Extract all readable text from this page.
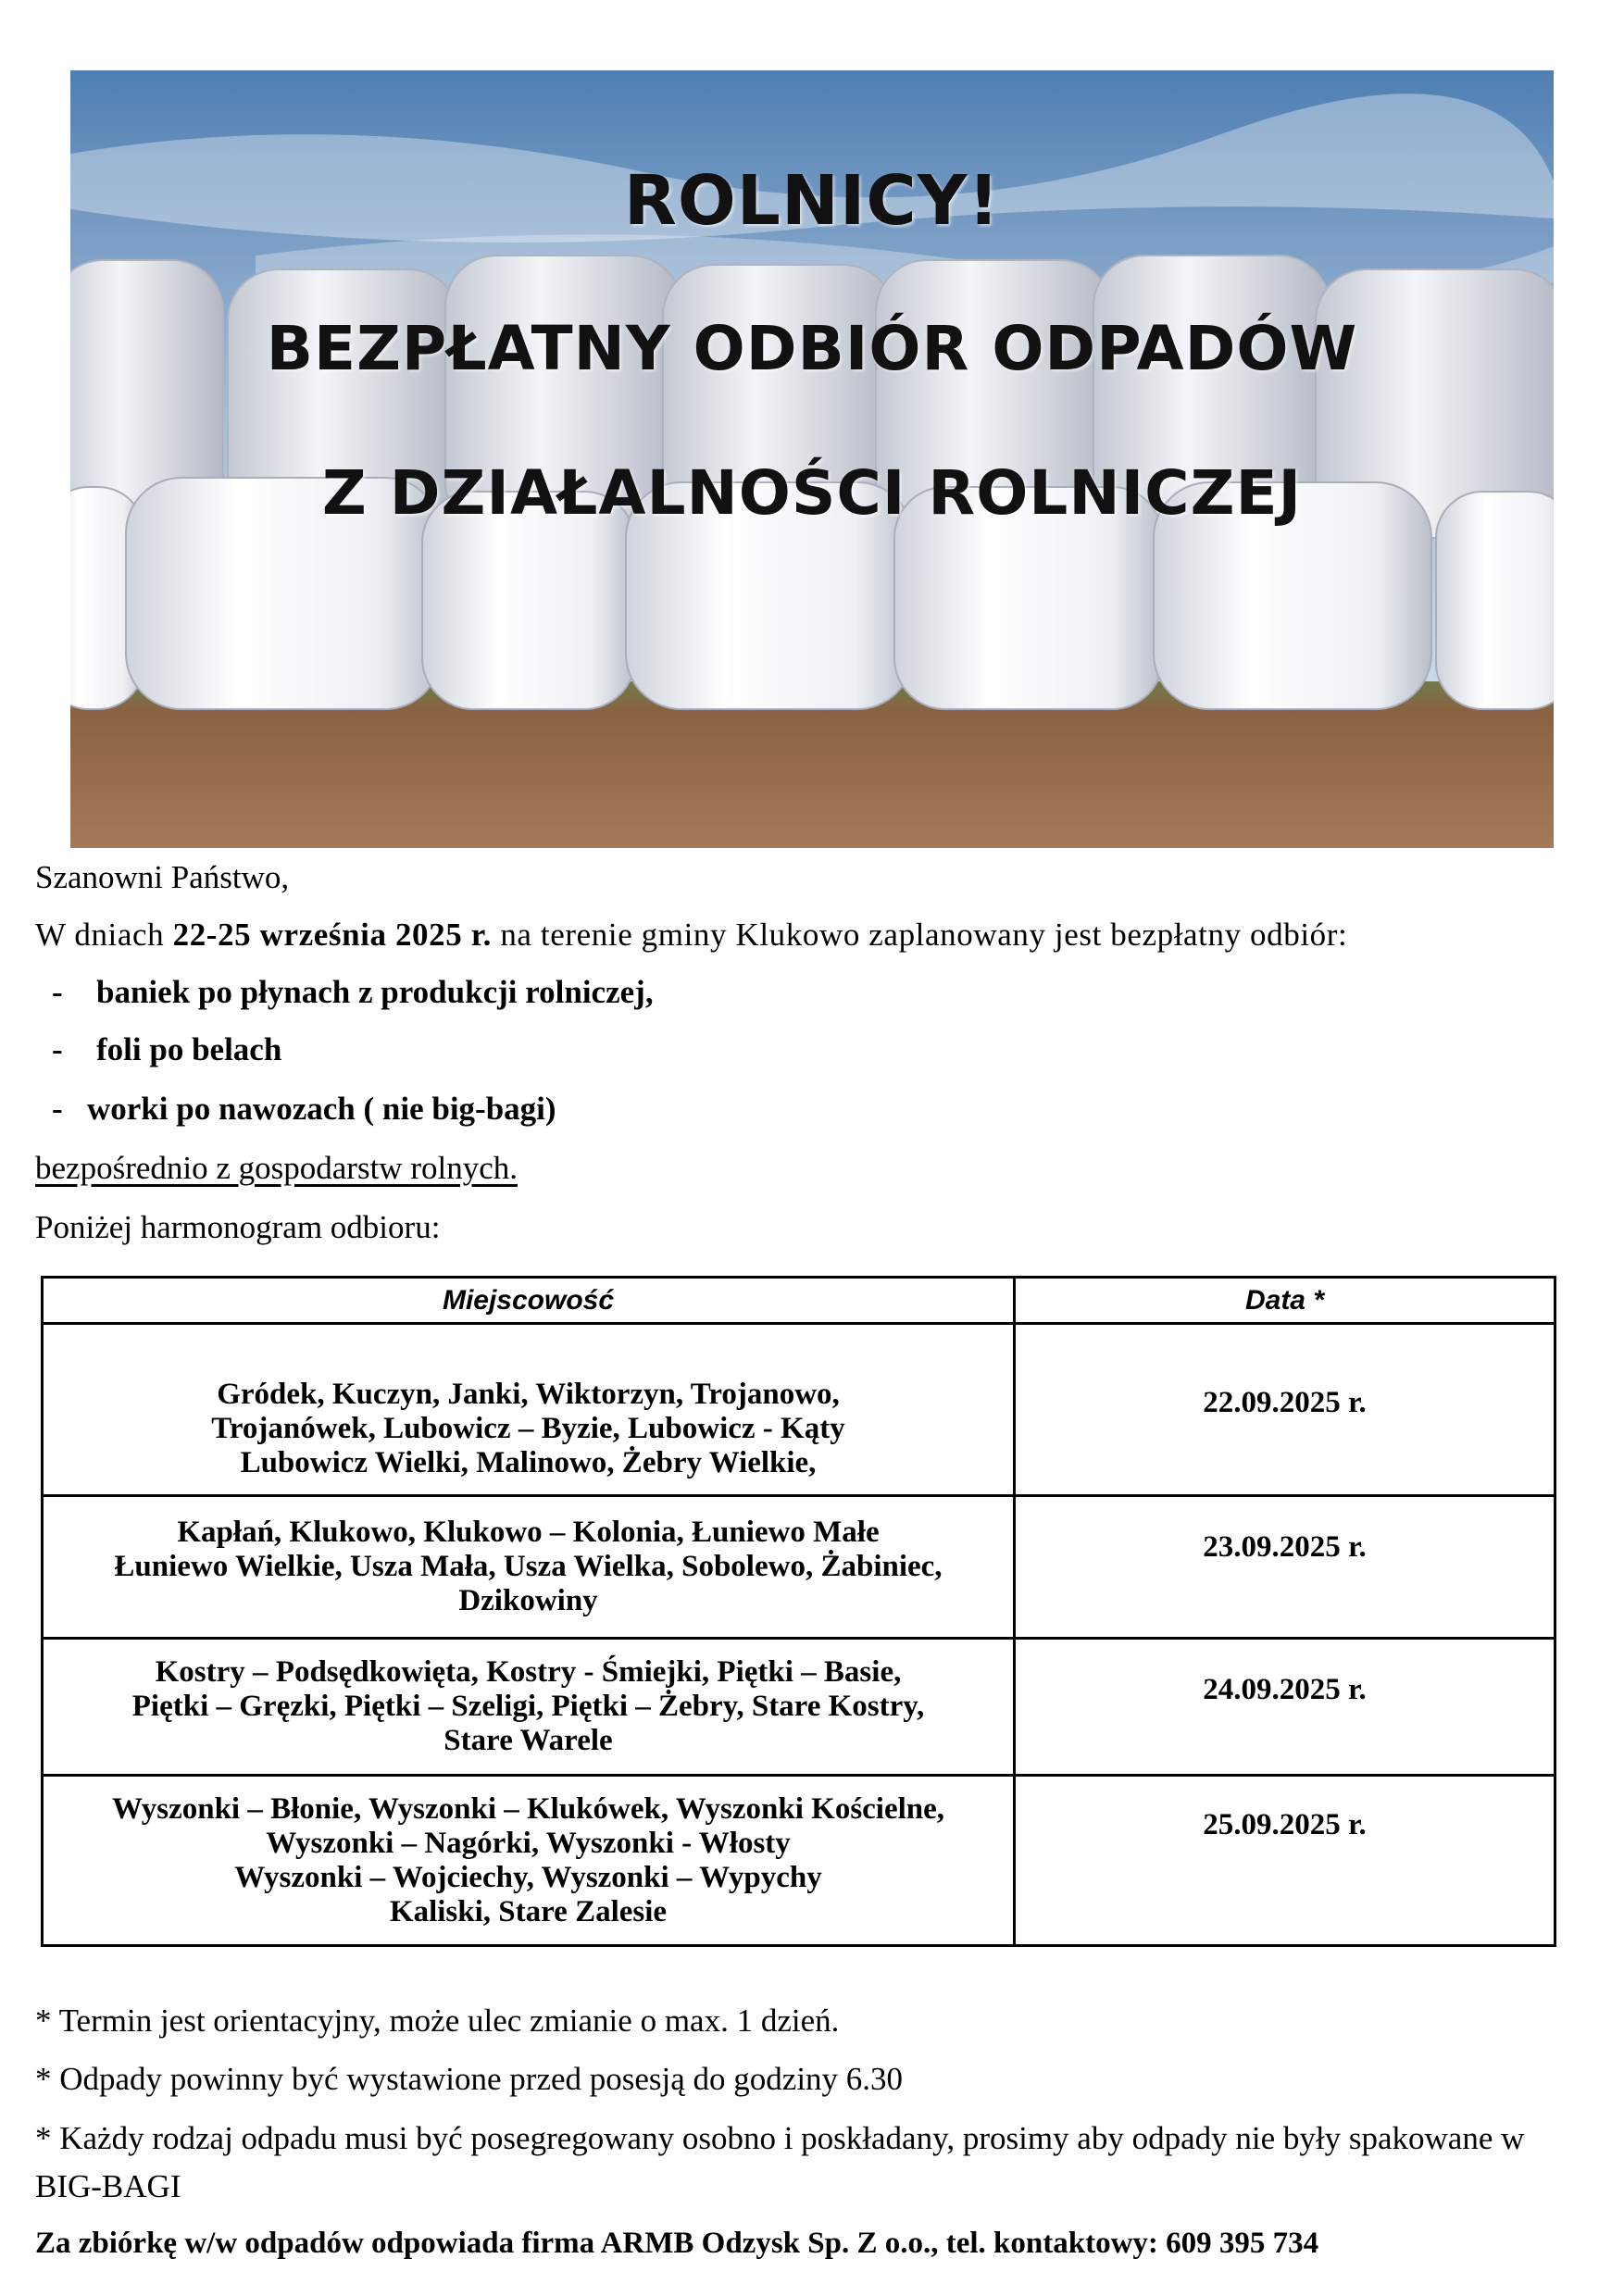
ROLNICY!
BEZPŁATNY ODBIÓR ODPADÓW
Z DZIAŁALNOŚCI ROLNICZEJ
Szanowni Państwo,
W dniach 22-25 września 2025 r. na terenie gminy Klukowo zaplanowany jest bezpłatny odbiór:
- baniek po płynach z produkcji rolniczej,
- foli po belach
- worki po nawozach ( nie big-bagi)
bezpośrednio z gospodarstw rolnych.
Poniżej harmonogram odbioru:
Miejscowość	Data *
Gródek, Kuczyn, Janki, Wiktorzyn, Trojanowo,
Trojanówek, Lubowicz – Byzie, Lubowicz - Kąty
Lubowicz Wielki, Malinowo, Żebry Wielkie,	22.09.2025 r.

Kapłań, Klukowo, Klukowo – Kolonia, Łuniewo Małe
Łuniewo Wielkie, Usza Mała, Usza Wielka, Sobolewo, Żabiniec,
Dzikowiny	23.09.2025 r.

Kostry – Podsędkowięta, Kostry - Śmiejki, Piętki – Basie,
Piętki – Gręzki, Piętki – Szeligi, Piętki – Żebry, Stare Kostry,
Stare Warele	24.09.2025 r.

Wyszonki – Błonie, Wyszonki – Klukówek, Wyszonki Kościelne,
Wyszonki – Nagórki, Wyszonki - Włosty
Wyszonki – Wojciechy, Wyszonki – Wypychy
Kaliski, Stare Zalesie	25.09.2025 r.
* Termin jest orientacyjny, może ulec zmianie o max. 1 dzień.
* Odpady powinny być wystawione przed posesją do godziny 6.30
* Każdy rodzaj odpadu musi być posegregowany osobno i poskładany, prosimy aby odpady nie były spakowane w BIG-BAGI
Za zbiórkę w/w odpadów odpowiada firma ARMB Odzysk Sp. Z o.o., tel. kontaktowy: 609 395 734
